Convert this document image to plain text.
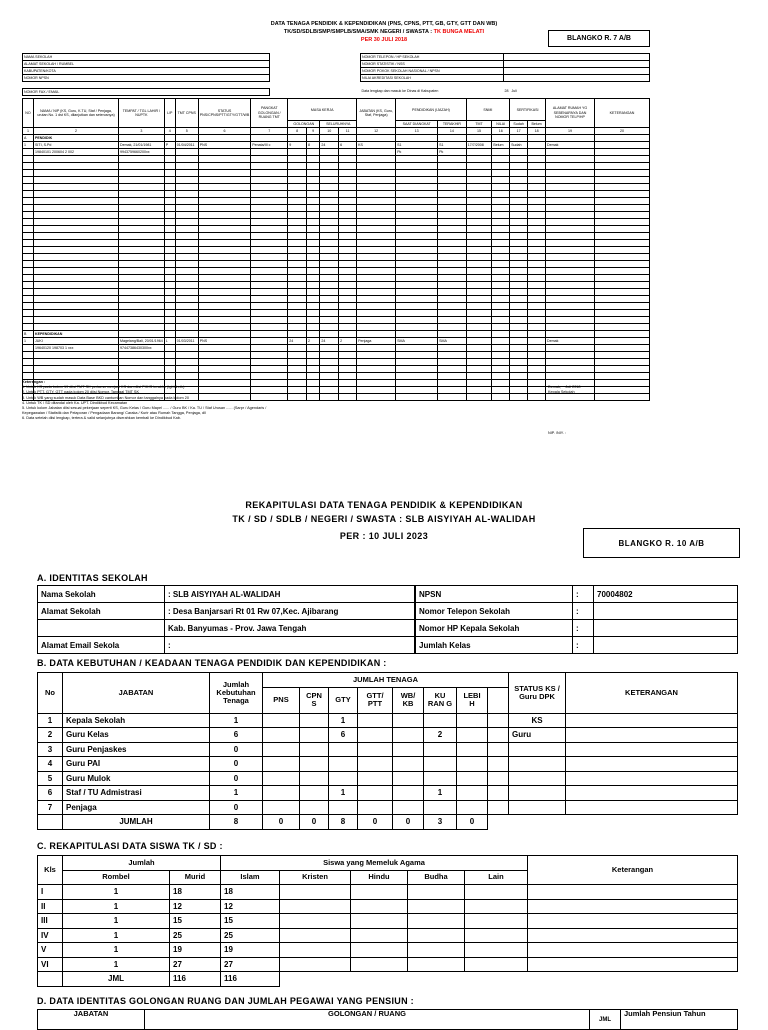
DATA TENAGA PENDIDIK & KEPENDIDIKAN (PNS, CPNS, PTT, GB, GTY, GTT DAN WB)
TK/SD/SDLB/SMP/SMPLB/SMA/SMK NEGERI / SWASTA : TK BUNGA MELATI
PER 30 JULI 2018	BLANGKO R. 7 A/B
NAMA SEKOLAH
ALAMAT SEKOLAH / RUMBEL
KABUPATEN/KOTA
NOMOR NPSN

NOMOR FAX / EMAIL
NOMOR TELEPON / HP SEKOLAH	
NOMOR STATISTIK / NSS	
NOMOR POKOK SEKOLAH NASIONAL / NPSN	
NILAI AKREDITASI SEKOLAH	

Data lengkap dan masuk ke Dinas di Kabupaten	28 Juli
NO	NAMA / NIP (KS, Guru, K.TU, Staf / Penjaga, urutan No. 1 dst KS, dilanjutkan dan seterusnya)	TEMPAT / TGL LAHIR / NUPTK	L/P	TMT CPNS	STATUS PNS/CPNS/PTT/GTY/GTT/WB	PANGKAT GOLONGAN / RUANG TMT	MASA KERJA				JABATAN (KS, Guru, Staf, Penjaga)	PENDIDIKAN (IJAZAH)		SNMI		SERTIFIKASI		ALAMAT RUMAH YG SEBENARNYA DAN NOMOR TELP/HP	KETERANGAN
							GOLONGAN		SELURUHNYA			SAAT DIANGKAT	TERAKHIR	TMT	NILAI	Sudah	Belum		
1	2	3	4	5	6	7	8	9	10	11	12	13	14	15	16	17	18	19	20
A	PENDIDIK																		
1	SITI, S.Pd	Demak, 21/01/1981	P	01/04/2011	PNS	Penata/III c	9	8	24	6	KS	S1	S1	17/7/2008	Belum	Sudah		Demak	
	19840101 200604 2 002	9943759660200xx										Pk	Pk						

B	KEPENDIDIKAN																		
1	JUKI	Magelang/Bali, 20/01/1964	L	01/03/2011	PNS		24	2	24	2	Penjaga	SMA	SMA					Demak	
	19640120 198703 1 xxx	97447386430300xx																	

Keterangan :
1. Untuk KS pada kolom 19 diisi TMT SK pertama menjadi KS dan diisi PKKS terakhir (tgl-bln-th)
2. Untuk PTT, GTY, GTT pada kolom 20 diisi Nomor, Tanggal TMT SK
3. Untuk WB yang sudah masuk Data Base BKD cantumkan Nomor dan tanggalnya pada kolom 20
4. Untuk TK / SD ditandai oleh Ka. UPT. Dindikbud Kecamatan
5. Untuk kolom Jabatan diisi sesuai pekerjaan seperti KS, Guru Kelas / Guru Mapel ...... / Guru BK / Ka. TU / Staf Urusan ...... (Sarpr / Agendaris / Kepegawaian / Statistik dan Pelaporan / Pengadaan Barang/ Caraka / Kurir atau Rumah Tangga, Penjaga, dll
6. Data setelah diisi lengkap, tertera & valid selanjutnya diserahkan kembali ke Dindikbud Kab.
Demak, Juli 2018
Kepala Sekolah
NIP. /NIY. :
REKAPITULASI DATA TENAGA PENDIDIK & KEPENDIDIKAN
TK / SD / SDLB / NEGERI / SWASTA : SLB AISYIYAH AL-WALIDAH
PER : 10 JULI 2023
BLANGKO R. 10 A/B
A. IDENTITAS SEKOLAH
Nama Sekolah	: SLB AISYIYAH AL-WALIDAH
Alamat Sekolah	: Desa Banjarsari Rt 01 Rw 07,Kec. Ajibarang
	Kab. Banyumas - Prov. Jawa Tengah
Alamat Email Sekola	:
NPSN	:	70004802
Nomor Telepon Sekolah	:	
Nomor HP Kepala Sekolah	:	
Jumlah Kelas	:	
B. DATA KEBUTUHAN / KEADAAN TENAGA PENDIDIK DAN KEPENDIDIKAN :
No	JABATAN	Jumlah Kebutuhan Tenaga	JUMLAH TENAGA								STATUS KS / Guru DPK	KETERANGAN
			PNS	CPN S	GTY	GTT/ PTT	WB/ KB	KU RAN G	LEBI H			
1	Kepala Sekolah	1			1						KS	
2	Guru Kelas	6			6			2			Guru	
3	Guru Penjaskes	0										
4	Guru PAI	0										
5	Guru Mulok	0										
6	Staf / TU Admistrasi	1			1			1				
7	Penjaga	0										
	JUMLAH	8	0	0	8	0	0	3	0			
C. REKAPITULASI DATA SISWA TK / SD :
Kls	Jumlah		Siswa yang Memeluk Agama					Keterangan
	Rombel	Murid	Islam	Kristen	Hindu	Budha	Lain	
I	1	18	18					
II	1	12	12					
III	1	15	15					
IV	1	25	25					
V	1	19	19					
VI	1	27	27					
	JML	116	116					
D. DATA IDENTITAS GOLONGAN RUANG DAN JUMLAH PEGAWAI YANG PENSIUN :
JABATAN	GOLONGAN / RUANG	JML	Jumlah Pensiun Tahun
